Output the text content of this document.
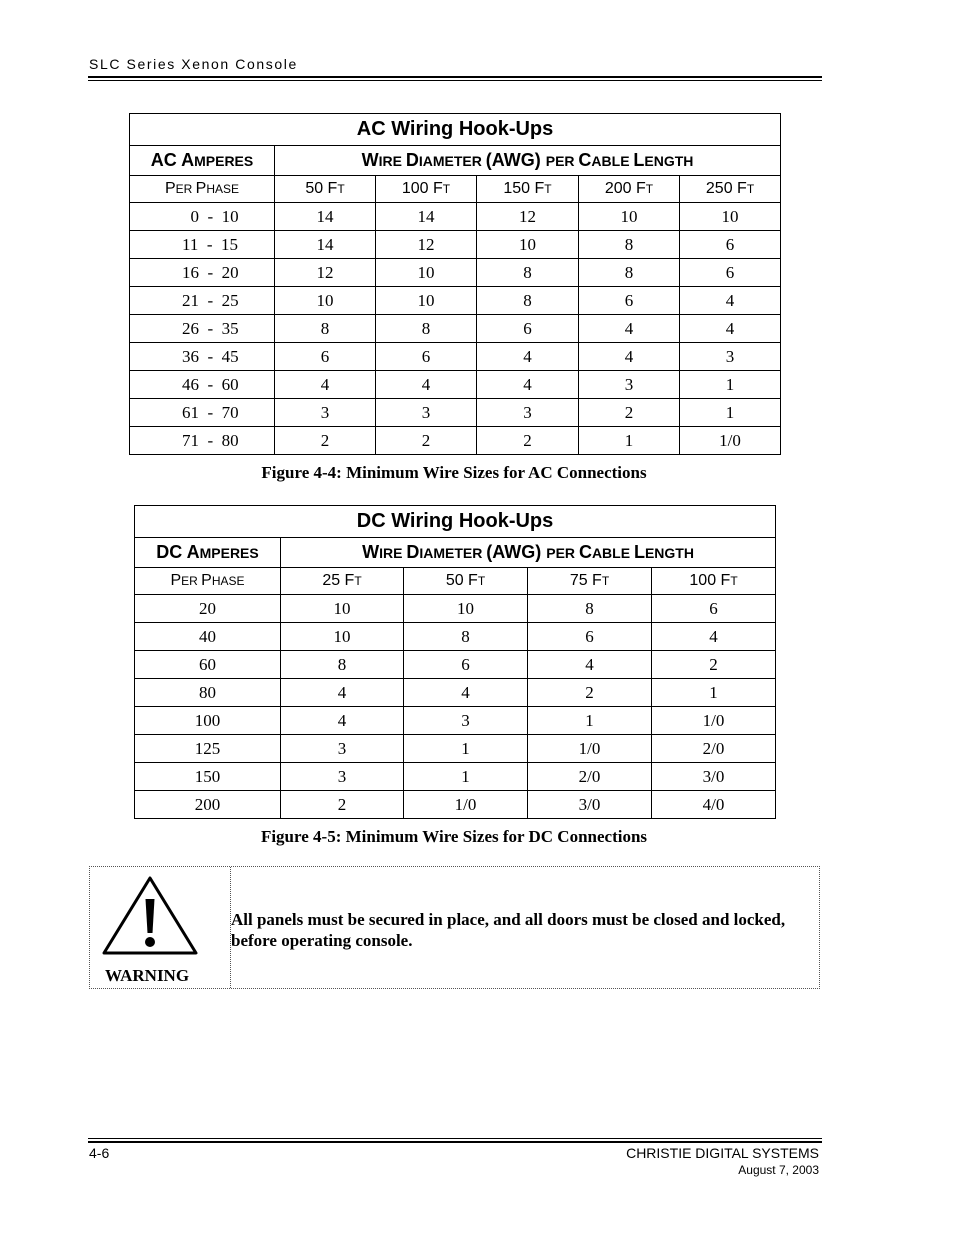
SLC Series Xenon Console
AC Wiring Hook-Ups					
AC AMPERES	WIRE DIAMETER (AWG) PER CABLE LENGTH				
PER PHASE	50 FT	100 FT	150 FT	200 FT	250 FT
0  -  10	14	14	12	10	10
11  -  15	14	12	10	8	6
16  -  20	12	10	8	8	6
21  -  25	10	10	8	6	4
26  -  35	8	8	6	4	4
36  -  45	6	6	4	4	3
46  -  60	4	4	4	3	1
61  -  70	3	3	3	2	1
71  -  80	2	2	2	1	1/0
Figure 4-4: Minimum Wire Sizes for AC Connections
DC Wiring Hook-Ups				
DC AMPERES	WIRE DIAMETER (AWG) PER CABLE LENGTH			
PER PHASE	25 FT	50 FT	75 FT	100 FT
20	10	10	8	6
40	10	8	6	4
60	8	6	4	2
80	4	4	2	1
100	4	3	1	1/0
125	3	1	1/0	2/0
150	3	1	2/0	3/0
200	2	1/0	3/0	4/0
Figure 4-5: Minimum Wire Sizes for DC Connections
WARNING
All panels must be secured in place, and all doors must be closed and locked, before operating console.
4-6	CHRISTIE DIGITAL SYSTEMS
August 7, 2003
